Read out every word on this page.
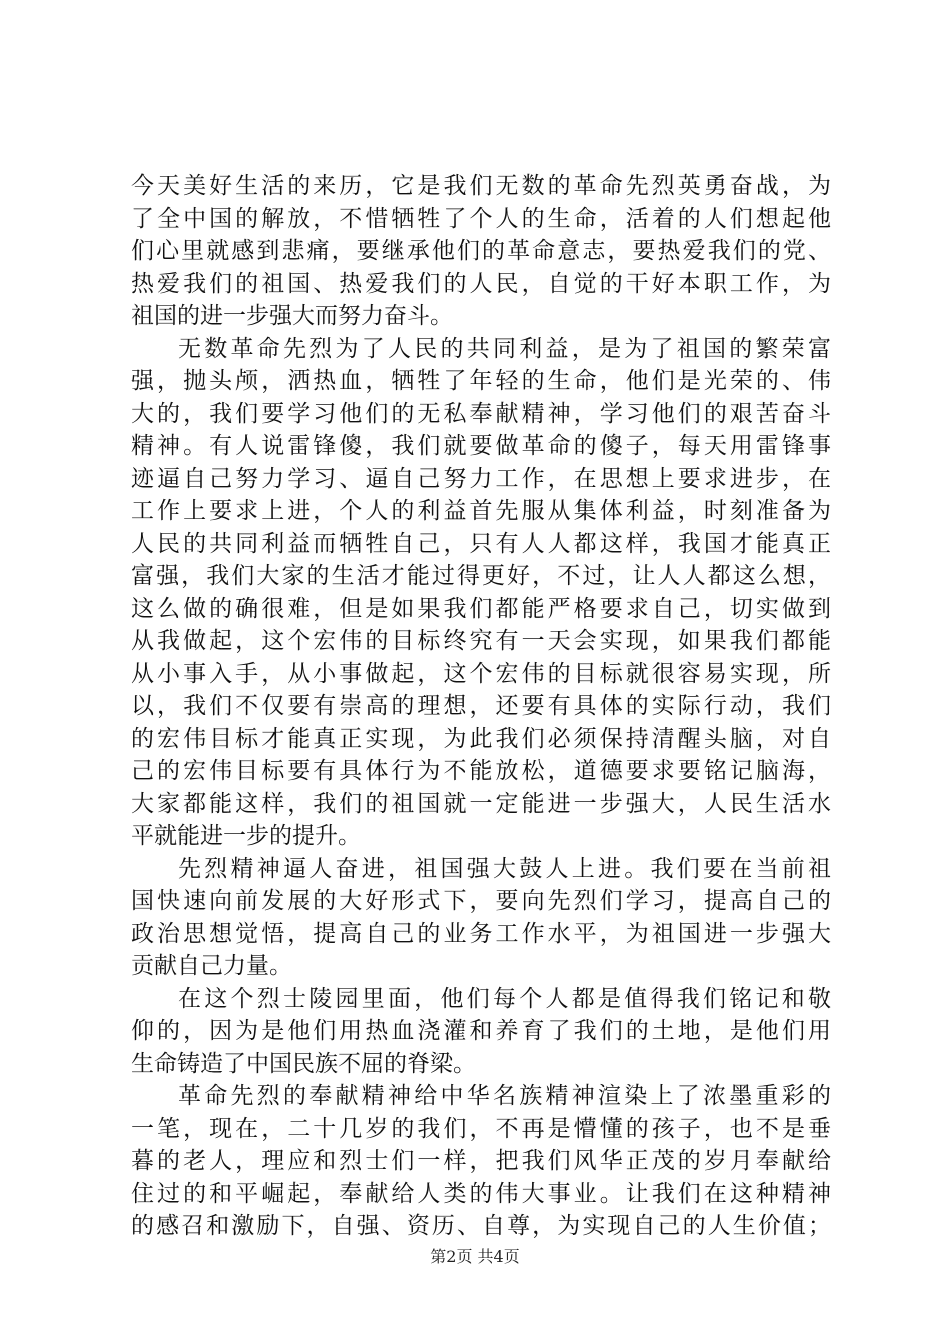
今天美好生活的来历，它是我们无数的革命先烈英勇奋战，为
了全中国的解放，不惜牺牲了个人的生命，活着的人们想起他
们心里就感到悲痛，要继承他们的革命意志，要热爱我们的党、
热爱我们的祖国、热爱我们的人民，自觉的干好本职工作，为
祖国的进一步强大而努力奋斗。
无数革命先烈为了人民的共同利益，是为了祖国的繁荣富
强，抛头颅，洒热血，牺牲了年轻的生命，他们是光荣的、伟
大的，我们要学习他们的无私奉献精神，学习他们的艰苦奋斗
精神。有人说雷锋傻，我们就要做革命的傻子，每天用雷锋事
迹逼自己努力学习、逼自己努力工作，在思想上要求进步，在
工作上要求上进，个人的利益首先服从集体利益，时刻准备为
人民的共同利益而牺牲自己，只有人人都这样，我国才能真正
富强，我们大家的生活才能过得更好，不过，让人人都这么想，
这么做的确很难，但是如果我们都能严格要求自己，切实做到
从我做起，这个宏伟的目标终究有一天会实现，如果我们都能
从小事入手，从小事做起，这个宏伟的目标就很容易实现，所
以，我们不仅要有崇高的理想，还要有具体的实际行动，我们
的宏伟目标才能真正实现，为此我们必须保持清醒头脑，对自
己的宏伟目标要有具体行为不能放松，道德要求要铭记脑海，
大家都能这样，我们的祖国就一定能进一步强大，人民生活水
平就能进一步的提升。
先烈精神逼人奋进，祖国强大鼓人上进。我们要在当前祖
国快速向前发展的大好形式下，要向先烈们学习，提高自己的
政治思想觉悟，提高自己的业务工作水平，为祖国进一步强大
贡献自己力量。
在这个烈士陵园里面，他们每个人都是值得我们铭记和敬
仰的，因为是他们用热血浇灌和养育了我们的土地，是他们用
生命铸造了中国民族不屈的脊梁。
革命先烈的奉献精神给中华名族精神渲染上了浓墨重彩的
一笔，现在，二十几岁的我们，不再是懵懂的孩子，也不是垂
暮的老人，理应和烈士们一样，把我们风华正茂的岁月奉献给
住过的和平崛起，奉献给人类的伟大事业。让我们在这种精神
的感召和激励下，自强、资历、自尊，为实现自己的人生价值；
第2页 共4页
